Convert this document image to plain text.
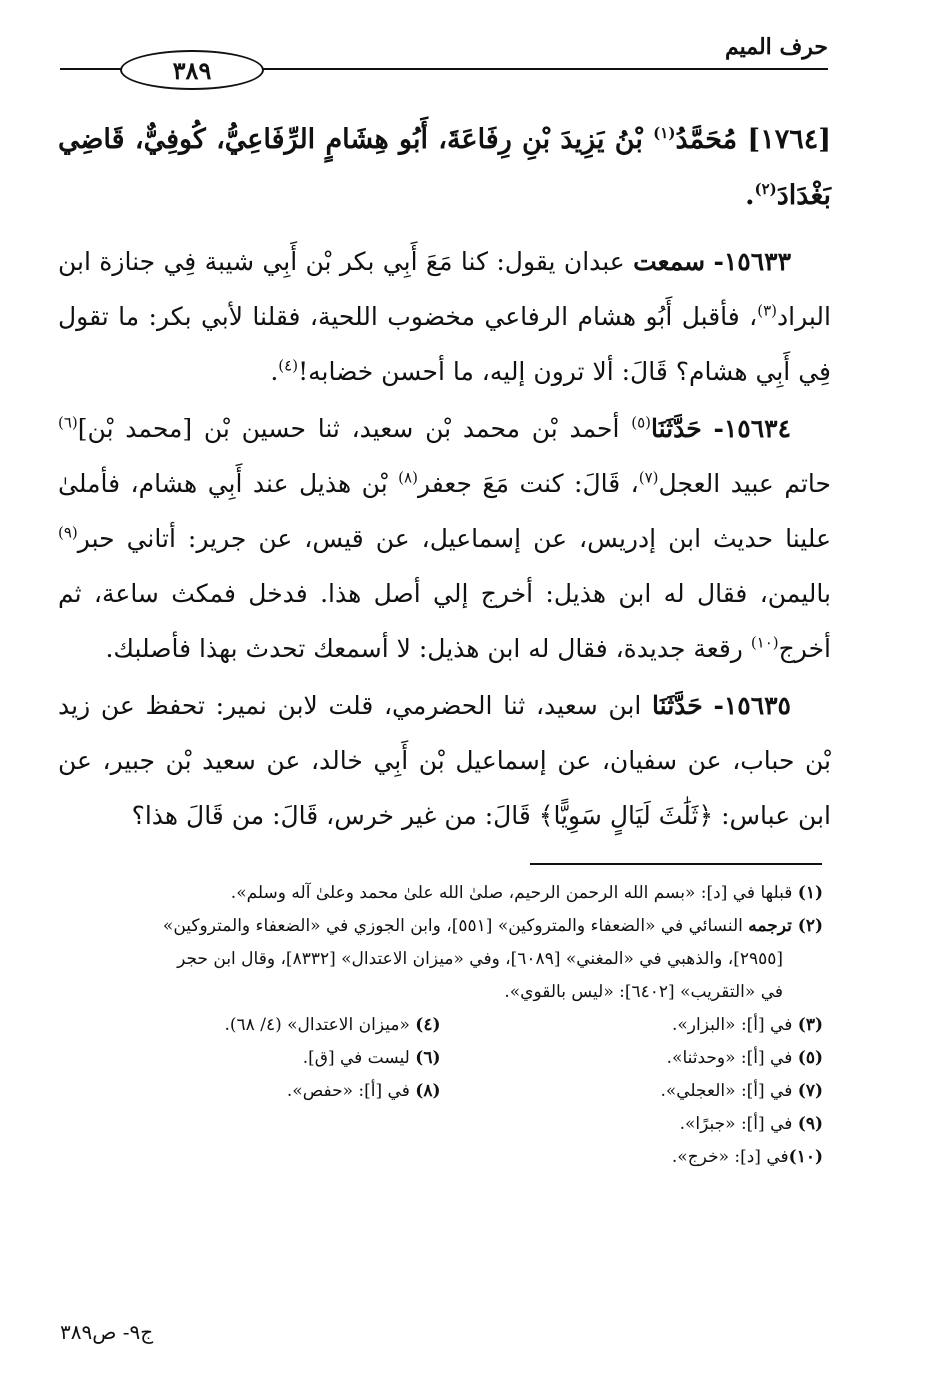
حرف الميم
٣٨٩

[١٧٦٤] مُحَمَّدُ$^{(١)}$ بْنُ يَزِيدَ بْنِ رِفَاعَةَ، أَبُو هِشَامٍ الرِّفَاعِيُّ، كُوفِيٌّ، قَاضِي بَغْدَادَ$^{(٢)}$.

١٥٦٣٣- سمعت عبدان يقول: كنا مَعَ أَبِي بكر بْن أَبِي شيبة فِي جنازة ابن البراد$^{(٣)}$، فأقبل أَبُو هشام الرفاعي مخضوب اللحية، فقلنا لأبي بكر: ما تقول فِي أَبِي هشام؟ قَالَ: ألا ترون إليه، ما أحسن خضابه!$^{(٤)}$.

١٥٦٣٤- حَدَّثَنَا$^{(٥)}$ أحمد بْن محمد بْن سعيد، ثنا حسين بْن [محمد بْن]$^{(٦)}$ حاتم عبيد العجل$^{(٧)}$، قَالَ: كنت مَعَ جعفر$^{(٨)}$ بْن هذيل عند أَبِي هشام، فأملىٰ علينا حديث ابن إدريس، عن إسماعيل، عن قيس، عن جرير: أتاني حبر$^{(٩)}$ باليمن، فقال له ابن هذيل: أخرج إلي أصل هذا. فدخل فمكث ساعة، ثم أخرج$^{(١٠)}$ رقعة جديدة، فقال له ابن هذيل: لا أسمعك تحدث بهذا فأصلبك.

١٥٦٣٥- حَدَّثَنَا ابن سعيد، ثنا الحضرمي، قلت لابن نمير: تحفظ عن زيد بْن حباب، عن سفيان، عن إسماعيل بْن أَبِي خالد، عن سعيد بْن جبير، عن ابن عباس: ﴿ثَلَٰثَ لَيَالٍ سَوِيًّا﴾ قَالَ: من غير خرس، قَالَ: من قَالَ هذا؟

(١) قبلها في [د]: «بسم الله الرحمن الرحيم، صلىٰ الله علىٰ محمد وعلىٰ آله وسلم».

(٢) ترجمه النسائي في «الضعفاء والمتروكين» [٥٥١]، وابن الجوزي في «الضعفاء والمتروكين»

[٢٩٥٥]، والذهبي في «المغني» [٦٠٨٩]، وفي «ميزان الاعتدال» [٨٣٣٢]، وقال ابن حجر

في «التقريب» [٦٤٠٢]: «ليس بالقوي».

(٣) في [أ]: «البزار».
(٤) «ميزان الاعتدال» (٤/ ٦٨).
(٥) في [أ]: «وحدثنا».
(٦) ليست في [ق].
(٧) في [أ]: «العجلي».
(٨) في [أ]: «حفص».

(٩) في [أ]: «جبرًا».

(١٠)في [د]: «خرج».

ج٩- ص٣٨٩
